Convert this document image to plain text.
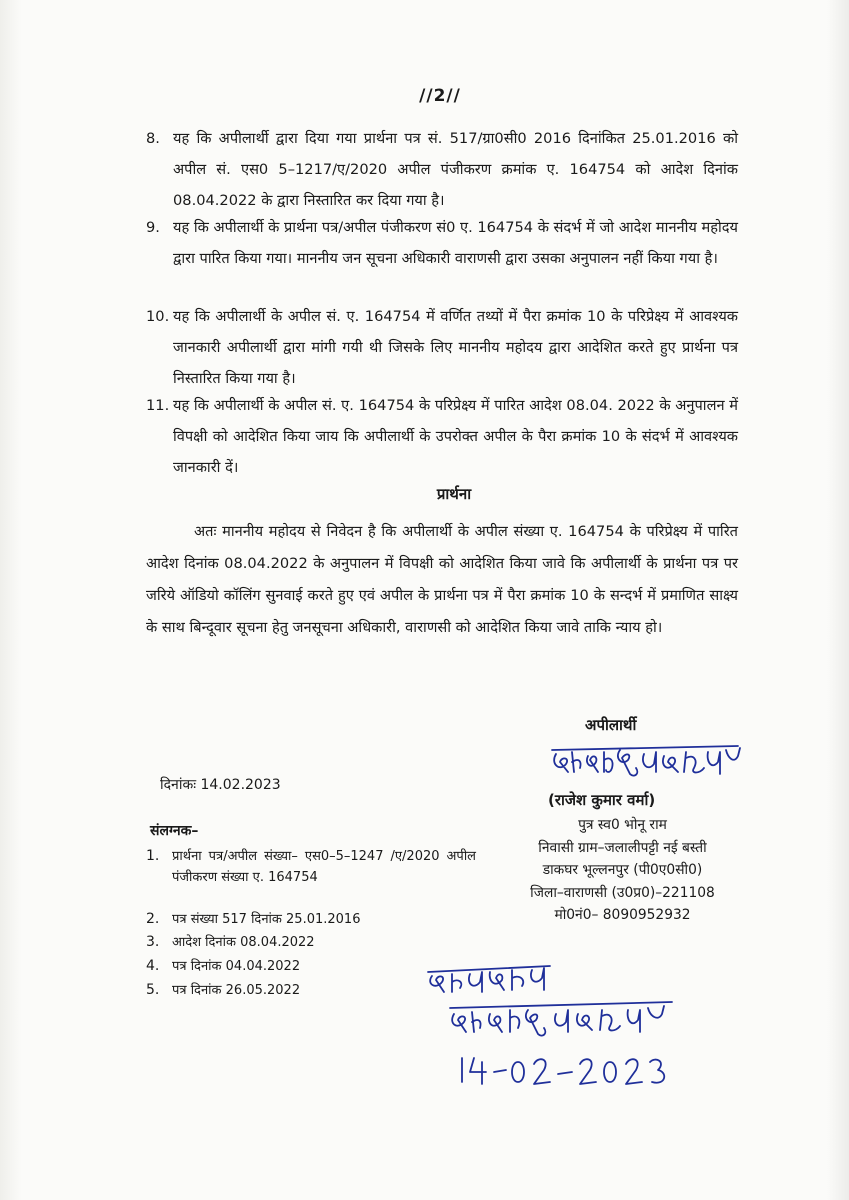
//2//
8. यह कि अपीलार्थी द्वारा दिया गया प्रार्थना पत्र सं. 517/ग्रा0सी0 2016 दिनांकित 25.01.2016 को अपील सं. एस0 5–1217/ए/2020 अपील पंजीकरण क्रमांक ए. 164754 को आदेश दिनांक 08.04.2022 के द्वारा निस्तारित कर दिया गया है।
9. यह कि अपीलार्थी के प्रार्थना पत्र/अपील पंजीकरण सं0 ए. 164754 के संदर्भ में जो आदेश माननीय महोदय द्वारा पारित किया गया। माननीय जन सूचना अधिकारी वाराणसी द्वारा उसका अनुपालन नहीं किया गया है।
10. यह कि अपीलार्थी के अपील सं. ए. 164754 में वर्णित तथ्यों में पैरा क्रमांक 10 के परिप्रेक्ष्य में आवश्यक जानकारी अपीलार्थी द्वारा मांगी गयी थी जिसके लिए माननीय महोदय द्वारा आदेशित करते हुए प्रार्थना पत्र निस्तारित किया गया है।
11. यह कि अपीलार्थी के अपील सं. ए. 164754 के परिप्रेक्ष्य में पारित आदेश 08.04. 2022 के अनुपालन में विपक्षी को आदेशित किया जाय कि अपीलार्थी के उपरोक्त अपील के पैरा क्रमांक 10 के संदर्भ में आवश्यक जानकारी दें।
प्रार्थना
अतः माननीय महोदय से निवेदन है कि अपीलार्थी के अपील संख्या ए. 164754 के परिप्रेक्ष्य में पारित आदेश दिनांक 08.04.2022 के अनुपालन में विपक्षी को आदेशित किया जावे कि अपीलार्थी के प्रार्थना पत्र पर जरिये ऑडियो कॉलिंग सुनवाई करते हुए एवं अपील के प्रार्थना पत्र में पैरा क्रमांक 10 के सन्दर्भ में प्रमाणित साक्ष्य के साथ बिन्दूवार सूचना हेतु जनसूचना अधिकारी, वाराणसी को आदेशित किया जावे ताकि न्याय हो।
अपीलार्थी
दिनांकः 14.02.2023
(राजेश कुमार वर्मा)
पुत्र स्व0 भोनू राम
निवासी ग्राम–जलालीपट्टी नई बस्ती
डाकघर भूल्लनपुर (पी0ए0सी0)
जिला–वाराणसी (उ0प्र0)–221108
मो0नं0– 8090952932
संलग्नक–
1. प्रार्थना पत्र/अपील संख्या– एस0–5–1247 /ए/2020 अपील पंजीकरण संख्या ए. 164754
2. पत्र संख्या 517 दिनांक 25.01.2016
3. आदेश दिनांक 08.04.2022
4. पत्र दिनांक 04.04.2022
5. पत्र दिनांक 26.05.2022
